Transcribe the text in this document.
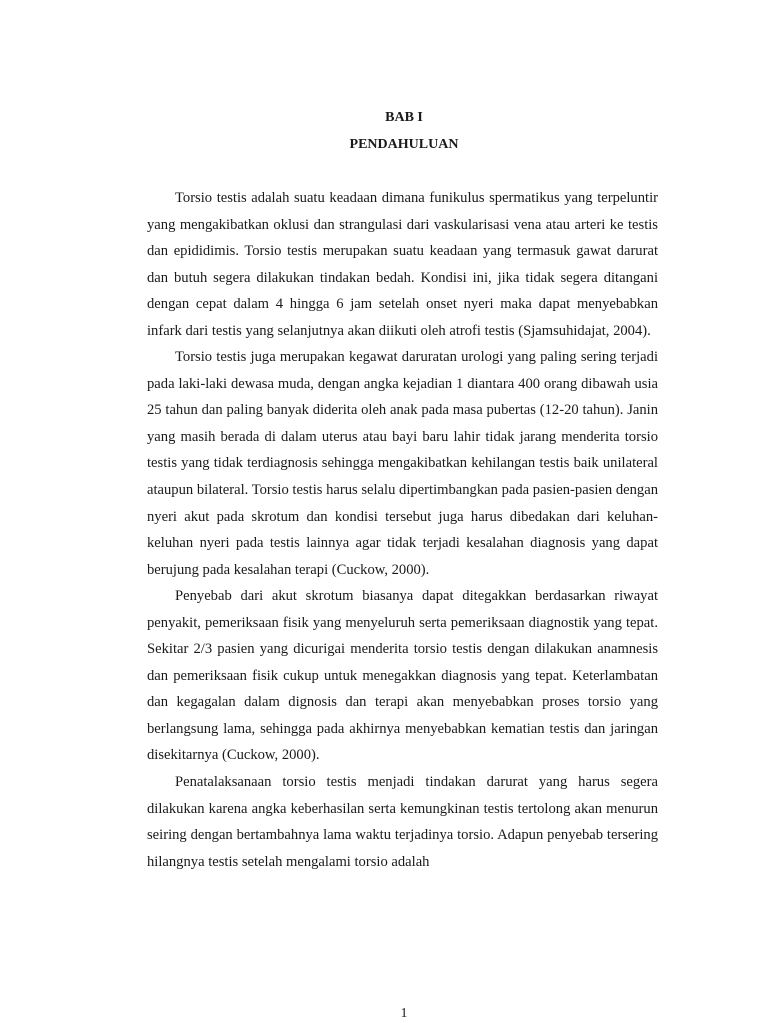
BAB I
PENDAHULUAN

Torsio testis adalah suatu keadaan dimana funikulus spermatikus yang terpeluntir yang mengakibatkan oklusi dan strangulasi dari vaskularisasi vena atau arteri ke testis dan epididimis. Torsio testis merupakan suatu keadaan yang termasuk gawat darurat dan butuh segera dilakukan tindakan bedah. Kondisi ini, jika tidak segera ditangani dengan cepat dalam 4 hingga 6 jam setelah onset nyeri maka dapat menyebabkan infark dari testis yang selanjutnya akan diikuti oleh atrofi testis (Sjamsuhidajat, 2004).

Torsio testis juga merupakan kegawat daruratan urologi yang paling sering terjadi pada laki-laki dewasa muda, dengan angka kejadian 1 diantara 400 orang dibawah usia 25 tahun dan paling banyak diderita oleh anak pada masa pubertas (12-20 tahun). Janin yang masih berada di dalam uterus atau bayi baru lahir tidak jarang menderita torsio testis yang tidak terdiagnosis sehingga mengakibatkan kehilangan testis baik unilateral ataupun bilateral. Torsio testis harus selalu dipertimbangkan pada pasien-pasien dengan nyeri akut pada skrotum dan kondisi tersebut juga harus dibedakan dari keluhan-keluhan nyeri pada testis lainnya agar tidak terjadi kesalahan diagnosis yang dapat berujung pada kesalahan terapi (Cuckow, 2000).

Penyebab dari akut skrotum biasanya dapat ditegakkan berdasarkan riwayat penyakit, pemeriksaan fisik yang menyeluruh serta pemeriksaan diagnostik yang tepat. Sekitar 2/3 pasien yang dicurigai menderita torsio testis dengan dilakukan anamnesis dan pemeriksaan fisik cukup untuk menegakkan diagnosis yang tepat. Keterlambatan dan kegagalan dalam dignosis dan terapi akan menyebabkan proses torsio yang berlangsung lama, sehingga pada akhirnya menyebabkan kematian testis dan jaringan disekitarnya (Cuckow, 2000).

Penatalaksanaan torsio testis menjadi tindakan darurat yang harus segera dilakukan karena angka keberhasilan serta kemungkinan testis tertolong akan menurun seiring dengan bertambahnya lama waktu terjadinya torsio. Adapun penyebab tersering hilangnya testis setelah mengalami torsio adalah

1
